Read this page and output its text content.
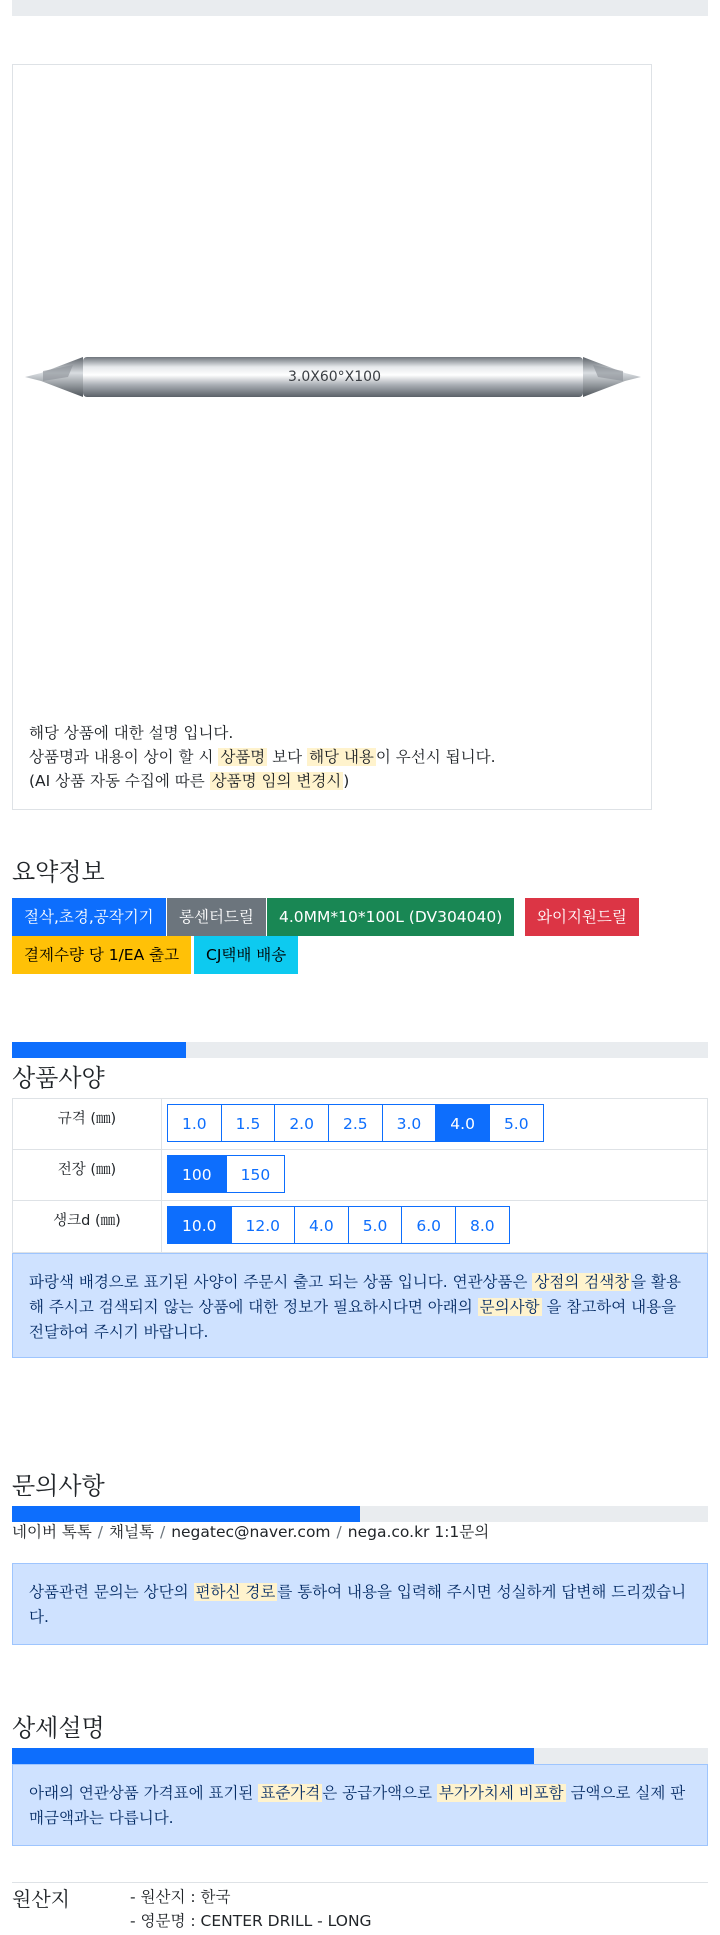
3.0X60°X100
해당 상품에 대한 설명 입니다.
상품명과 내용이 상이 할 시 상품명 보다 해당 내용 이 우선시 됩니다.
(AI 상품 자동 수집에 따른 상품명 임의 변경시 )
요약정보
절삭,초경,공작기기	롱센터드릴	4.0MM*10*100L (DV304040)	와이지원드릴
결제수량 당 1/EA 출고	CJ택배 배송
상품사양
규격 (㎜)	1.0	1.5	2.0	2.5	3.0	4.0	5.0
전장 (㎜)	100	150
생크d (㎜)	10.0	12.0	4.0	5.0	6.0	8.0
파랑색 배경으로 표기된 사양이 주문시 출고 되는 상품 입니다. 연관상품은 상점의 검색창 을 활용해 주시고 검색되지 않는 상품에 대한 정보가 필요하시다면 아래의 문의사항 을 참고하여 내용을 전달하여 주시기 바랍니다.
문의사항
네이버 톡톡 / 채널톡 / negatec@naver.com / nega.co.kr 1:1문의
상품관련 문의는 상단의 편하신 경로 를 통하여 내용을 입력해 주시면 성실하게 답변해 드리겠습니다.
상세설명
아래의 연관상품 가격표에 표기된 표준가격 은 공급가액으로 부가가치세 비포함 금액으로 실제 판매금액과는 다릅니다.
원산지	- 원산지 : 한국
- 영문명 : CENTER DRILL - LONG
